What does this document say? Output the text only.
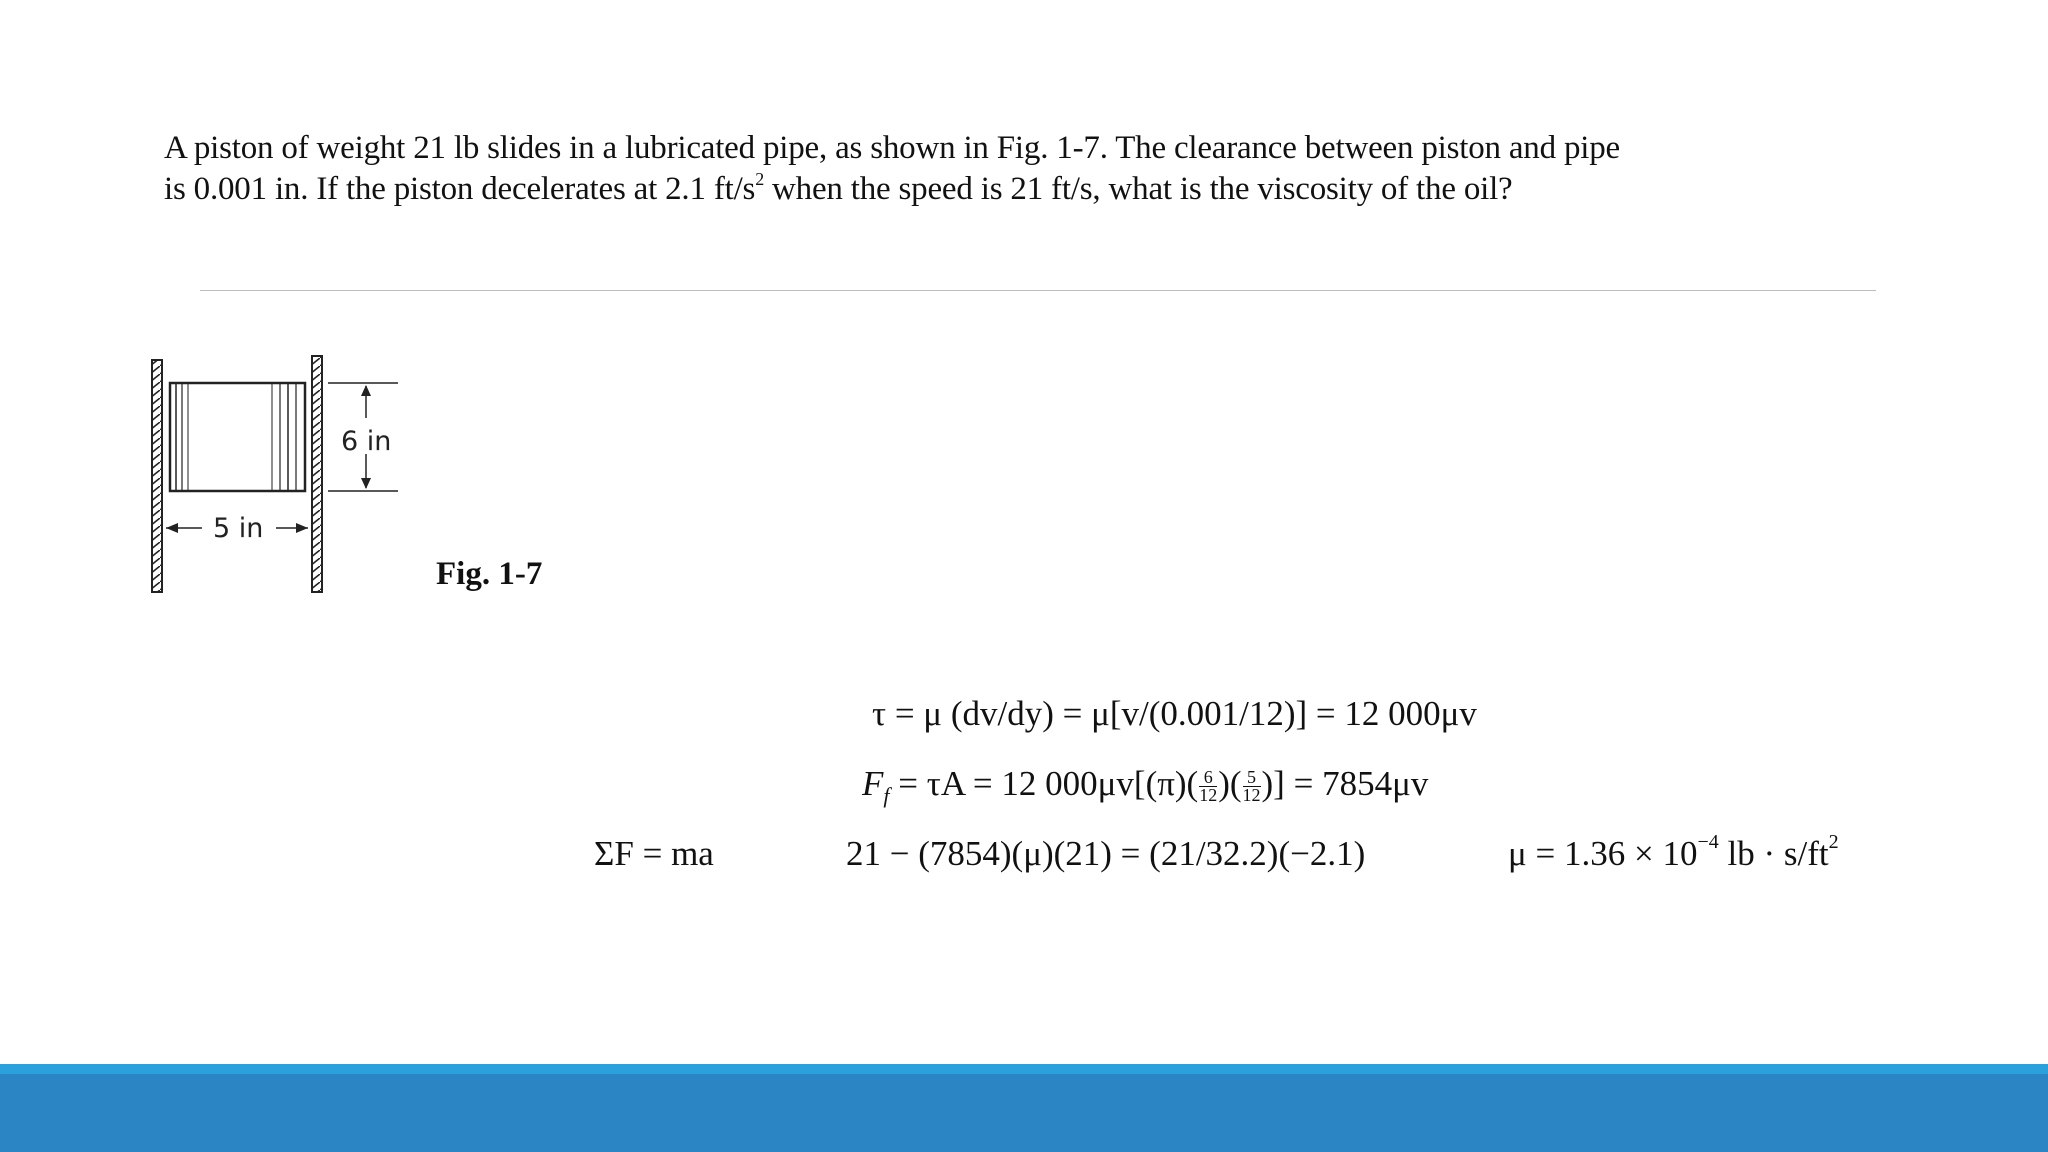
A piston of weight 21 lb slides in a lubricated pipe, as shown in Fig. 1-7. The clearance between piston and pipe
is 0.001 in. If the piston decelerates at 2.1 $ft/s^2$ when the speed is 21 ft/s, what is the viscosity of the oil?
6 in
5 in
Fig. 1-7
τ = μ (dv/dy) = μ[v/(0.001/12)] = 12 000μv
$F_f = \tau A = 12$ $000\mu v[(\pi)( \frac{6}{12}$ )( $\frac{5}{12}$ )] = 7854μv
ΣF = ma	21 − (7854)(μ)(21) = (21/32.2)(−2.1)	$\mu = 1.36 \times 10^{-4}$ lb · $s/ft^2$
